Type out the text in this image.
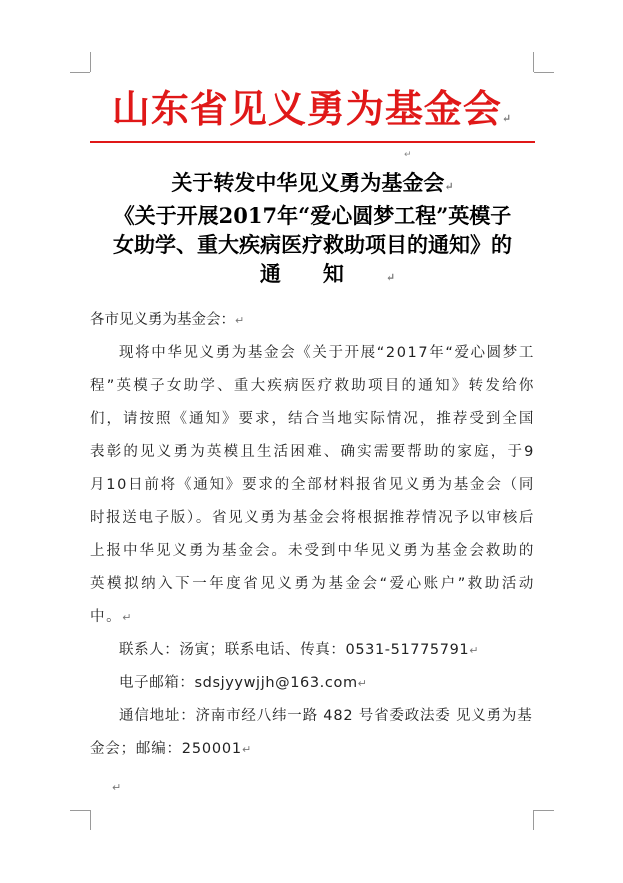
山东省见义勇为基金会↵
↵
关于转发中华见义勇为基金会↵
《关于开展2017年“爱心圆梦工程”英模子
女助学、重大疾病医疗救助项目的通知》的
通知↵

各市见义勇为基金会：↵

现将中华见义勇为基金会《关于开展“2017年“爱心圆梦工程”英模子女助学、重大疾病医疗救助项目的通知》转发给你们，请按照《通知》要求，结合当地实际情况，推荐受到全国表彰的见义勇为英模且生活困难、确实需要帮助的家庭，于9月10日前将《通知》要求的全部材料报省见义勇为基金会（同时报送电子版）。省见义勇为基金会将根据推荐情况予以审核后上报中华见义勇为基金会。未受到中华见义勇为基金会救助的英模拟纳入下一年度省见义勇为基金会“爱心账户”救助活动中。↵

联系人：汤寅；联系电话、传真：0531-51775791↵

电子邮箱：sdsjyywjjh@163.com↵

通信地址：济南市经八纬一路 482 号省委政法委 见义勇为基金会；邮编：250001↵

↵
